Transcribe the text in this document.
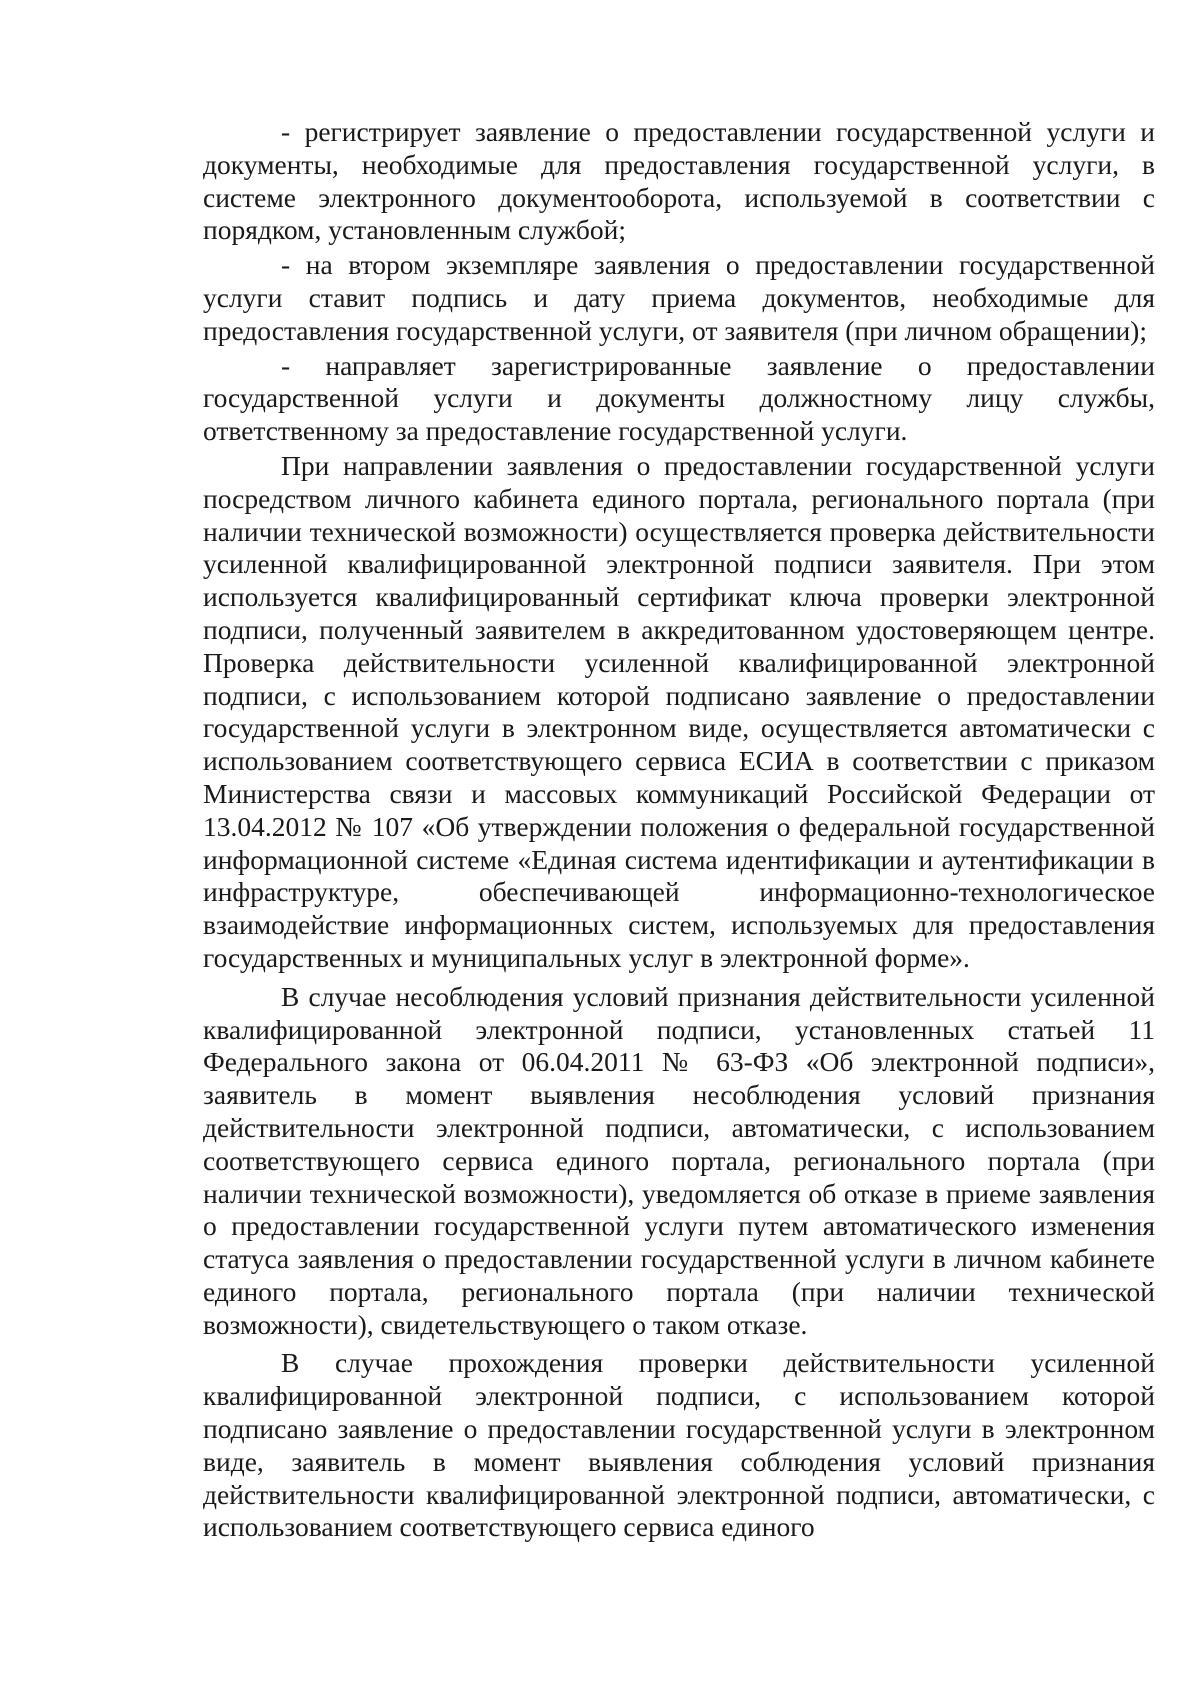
- регистрирует заявление о предоставлении государственной услуги и документы, необходимые для предоставления государственной услуги, в системе электронного документооборота, используемой в соответствии с порядком, установленным службой;

- на втором экземпляре заявления о предоставлении государственной услуги ставит подпись и дату приема документов, необходимые для предоставления государственной услуги, от заявителя (при личном обращении);

- направляет зарегистрированные заявление о предоставлении государственной услуги и документы должностному лицу службы, ответственному за предоставление государственной услуги.

При направлении заявления о предоставлении государственной услуги посредством личного кабинета единого портала, регионального портала (при наличии технической возможности) осуществляется проверка действительности усиленной квалифицированной электронной подписи заявителя. При этом используется квалифицированный сертификат ключа проверки электронной подписи, полученный заявителем в аккредитованном удостоверяющем центре. Проверка действительности усиленной квалифицированной электронной подписи, с использованием которой подписано заявление о предоставлении государственной услуги в электронном виде, осуществляется автоматически с использованием соответствующего сервиса ЕСИА в соответствии с приказом Министерства связи и массовых коммуникаций Российской Федерации от 13.04.2012 № 107 «Об утверждении положения о федеральной государственной информационной системе «Единая система идентификации и аутентификации в инфраструктуре, обеспечивающей информационно-технологическое взаимодействие информационных систем, используемых для предоставления государственных и муниципальных услуг в электронной форме».

В случае несоблюдения условий признания действительности усиленной квалифицированной электронной подписи, установленных статьей 11 Федерального закона от 06.04.2011 № 63-ФЗ «Об электронной подписи», заявитель в момент выявления несоблюдения условий признания действительности электронной подписи, автоматически, с использованием соответствующего сервиса единого портала, регионального портала (при наличии технической возможности), уведомляется об отказе в приеме заявления о предоставлении государственной услуги путем автоматического изменения статуса заявления о предоставлении государственной услуги в личном кабинете единого портала, регионального портала (при наличии технической возможности), свидетельствующего о таком отказе.

В случае прохождения проверки действительности усиленной квалифицированной электронной подписи, с использованием которой подписано заявление о предоставлении государственной услуги в электронном виде, заявитель в момент выявления соблюдения условий признания действительности квалифицированной электронной подписи, автоматически, с использованием соответствующего сервиса единого
